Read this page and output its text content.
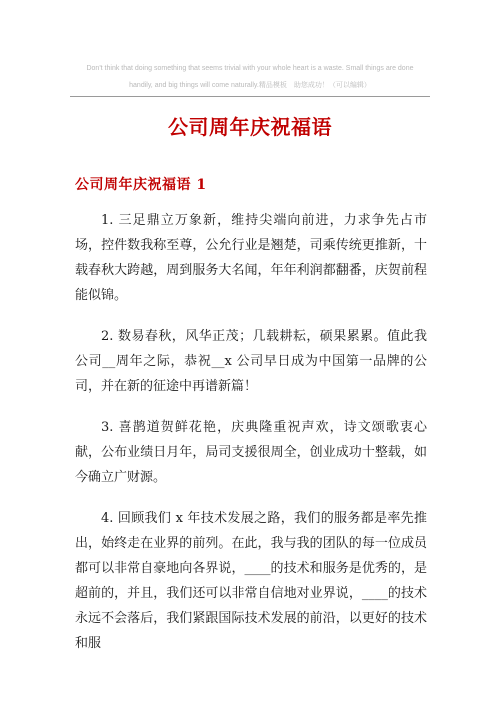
Don't think that doing something that seems trivial with your whole heart is a waste. Small things are done
handily, and big things will come naturally.精品模板　助您成功！（可以编辑）
公司周年庆祝福语
公司周年庆祝福语 1

1. 三足鼎立万象新，维持尖端向前进，力求争先占市场，控件数我称至尊，公允行业是翘楚，司乘传统更推新，十载春秋大跨越，周到服务大名闻，年年利润都翻番，庆贺前程能似锦。

2. 数易春秋，风华正茂；几载耕耘，硕果累累。值此我公司__周年之际，恭祝__x 公司早日成为中国第一品牌的公司，并在新的征途中再谱新篇！

3. 喜鹊道贺鲜花艳，庆典隆重祝声欢，诗文颂歌衷心献，公布业绩日月年，局司支援很周全，创业成功十整载，如今确立广财源。

4. 回顾我们 x 年技术发展之路，我们的服务都是率先推出，始终走在业界的前列。在此，我与我的团队的每一位成员都可以非常自豪地向各界说，____的技术和服务是优秀的，是超前的，并且，我们还可以非常自信地对业界说，____的技术永远不会落后，我们紧跟国际技术发展的前沿，以更好的技术和服
